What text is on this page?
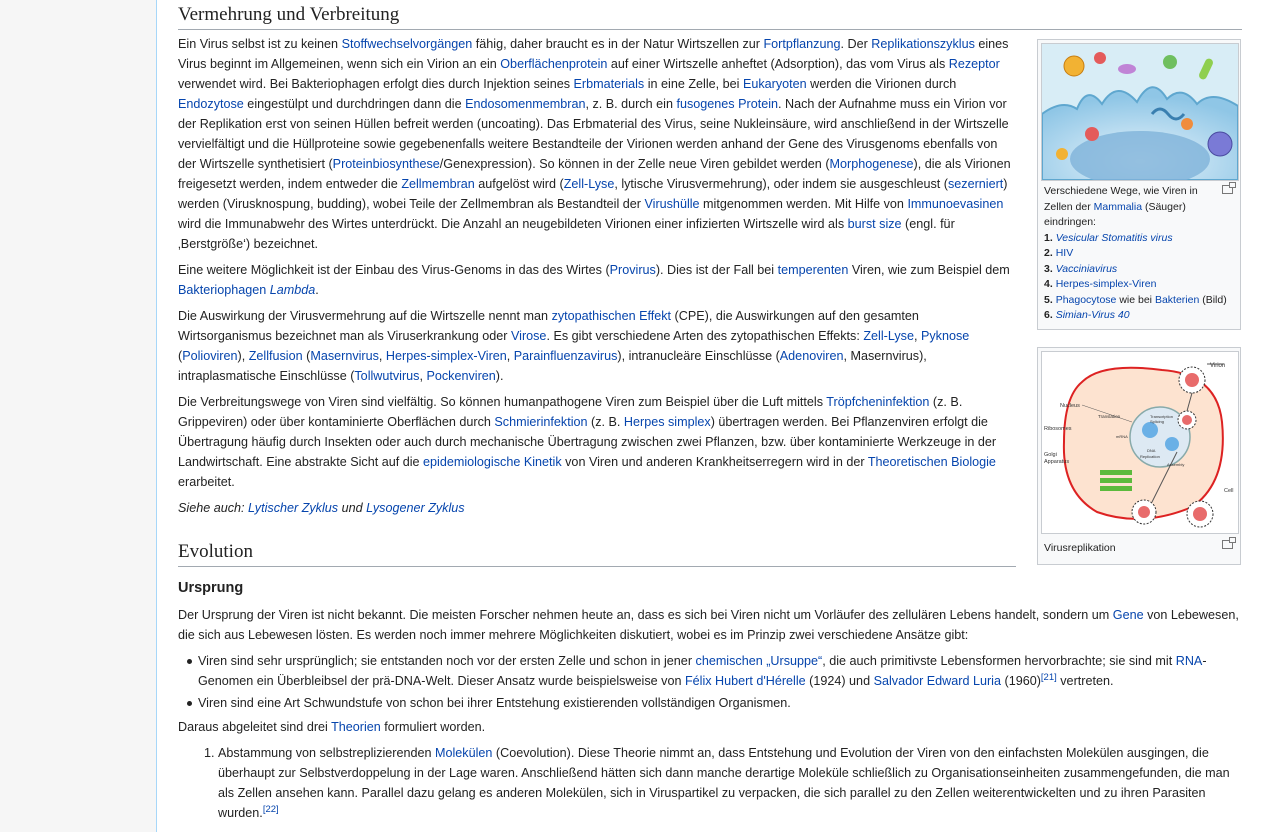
Verschiedene Wege, wie Viren in Zellen der Mammalia (Säuger) eindringen:
1. Vesicular Stomatitis virus
2. HIV
3. Vacciniavirus
4. Herpes-simplex-Viren
5. Phagocytose wie bei Bakterien (Bild)
6. Simian-Virus 40
Virion
Nucleus
Ribosomes
Golgi
Apparatus
Cell
Translation	Transcription
Splicing
DNA
Replication
mRNA
Assembly
Virusreplikation
Vermehrung und Verbreitung

Ein Virus selbst ist zu keinen Stoffwechselvorgängen fähig, daher braucht es in der Natur Wirtszellen zur Fortpflanzung. Der Replikationszyklus eines Virus beginnt im Allgemeinen, wenn sich ein Virion an ein Oberflächenprotein auf einer Wirtszelle anheftet (Adsorption), das vom Virus als Rezeptor verwendet wird. Bei Bakteriophagen erfolgt dies durch Injektion seines Erbmaterials in eine Zelle, bei Eukaryoten werden die Virionen durch Endozytose eingestülpt und durchdringen dann die Endosomenmembran, z. B. durch ein fusogenes Protein. Nach der Aufnahme muss ein Virion vor der Replikation erst von seinen Hüllen befreit werden (uncoating). Das Erbmaterial des Virus, seine Nukleinsäure, wird anschließend in der Wirtszelle vervielfältigt und die Hüllproteine sowie gegebenenfalls weitere Bestandteile der Virionen werden anhand der Gene des Virusgenoms ebenfalls von der Wirtszelle synthetisiert (Proteinbiosynthese/Genexpression). So können in der Zelle neue Viren gebildet werden (Morphogenese), die als Virionen freigesetzt werden, indem entweder die Zellmembran aufgelöst wird (Zell-Lyse, lytische Virusvermehrung), oder indem sie ausgeschleust (sezerniert) werden (Virusknospung, budding), wobei Teile der Zellmembran als Bestandteil der Virushülle mitgenommen werden. Mit Hilfe von Immunoevasinen wird die Immunabwehr des Wirtes unterdrückt. Die Anzahl an neugebildeten Virionen einer infizierten Wirtszelle wird als burst size (engl. für ‚Berstgröße‘) bezeichnet.

Eine weitere Möglichkeit ist der Einbau des Virus-Genoms in das des Wirtes (Provirus). Dies ist der Fall bei temperenten Viren, wie zum Beispiel dem Bakteriophagen Lambda.

Die Auswirkung der Virusvermehrung auf die Wirtszelle nennt man zytopathischen Effekt (CPE), die Auswirkungen auf den gesamten Wirtsorganismus bezeichnet man als Viruserkrankung oder Virose. Es gibt verschiedene Arten des zytopathischen Effekts: Zell-Lyse, Pyknose (Polioviren), Zellfusion (Masernvirus, Herpes-simplex-Viren, Parainfluenzavirus), intranucleäre Einschlüsse (Adenoviren, Masernvirus), intraplasmatische Einschlüsse (Tollwutvirus, Pockenviren).

Die Verbreitungswege von Viren sind vielfältig. So können humanpathogene Viren zum Beispiel über die Luft mittels Tröpfcheninfektion (z. B. Grippeviren) oder über kontaminierte Oberflächen durch Schmierinfektion (z. B. Herpes simplex) übertragen werden. Bei Pflanzenviren erfolgt die Übertragung häufig durch Insekten oder auch durch mechanische Übertragung zwischen zwei Pflanzen, bzw. über kontaminierte Werkzeuge in der Landwirtschaft. Eine abstrakte Sicht auf die epidemiologische Kinetik von Viren und anderen Krankheitserregern wird in der Theoretischen Biologie erarbeitet.

Siehe auch: Lytischer Zyklus und Lysogener Zyklus

Evolution
Ursprung

Der Ursprung der Viren ist nicht bekannt. Die meisten Forscher nehmen heute an, dass es sich bei Viren nicht um Vorläufer des zellulären Lebens handelt, sondern um Gene von Lebewesen, die sich aus Lebewesen lösten. Es werden noch immer mehrere Möglichkeiten diskutiert, wobei es im Prinzip zwei verschiedene Ansätze gibt:

Viren sind sehr ursprünglich; sie entstanden noch vor der ersten Zelle und schon in jener chemischen „Ursuppe“, die auch primitivste Lebensformen hervorbrachte; sie sind mit RNA-Genomen ein Überbleibsel der prä-DNA-Welt. Dieser Ansatz wurde beispielsweise von Félix Hubert d'Hérelle (1924) und Salvador Edward Luria (1960)[21] vertreten.
Viren sind eine Art Schwundstufe von schon bei ihrer Entstehung existierenden vollständigen Organismen.

Daraus abgeleitet sind drei Theorien formuliert worden.

1. Abstammung von selbstreplizierenden Molekülen (Coevolution). Diese Theorie nimmt an, dass Entstehung und Evolution der Viren von den einfachsten Molekülen ausgingen, die überhaupt zur Selbstverdoppelung in der Lage waren. Anschließend hätten sich dann manche derartige Moleküle schließlich zu Organisationseinheiten zusammengefunden, die man als Zellen ansehen kann. Parallel dazu gelang es anderen Molekülen, sich in Viruspartikel zu verpacken, die sich parallel zu den Zellen weiterentwickelten und zu ihren Parasiten wurden.[22]
